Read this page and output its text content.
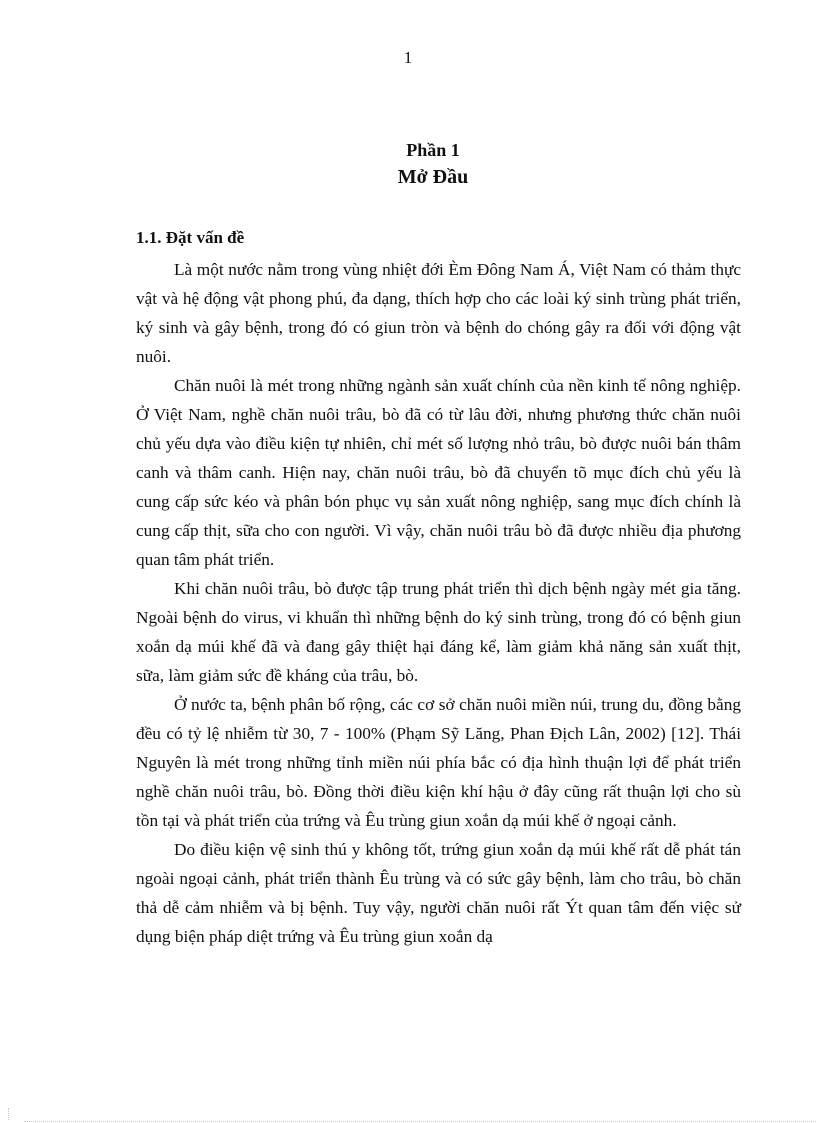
1
Phần 1
Mở Đầu
1.1. Đặt vấn đề

Là một nước nằm trong vùng nhiệt đới Èm Đông Nam Á, Việt Nam có thảm thực vật và hệ động vật phong phú, đa dạng, thích hợp cho các loài ký sinh trùng phát triển, ký sinh và gây bệnh, trong đó có giun tròn và bệnh do chóng gây ra đối với động vật nuôi.

Chăn nuôi là mét trong những ngành sản xuất chính của nền kinh tế nông nghiệp. Ở Việt Nam, nghề chăn nuôi trâu, bò đã có từ lâu đời, nhưng phương thức chăn nuôi chủ yếu dựa vào điều kiện tự nhiên, chỉ mét số lượng nhỏ trâu, bò được nuôi bán thâm canh và thâm canh. Hiện nay, chăn nuôi trâu, bò đã chuyển tõ mục đích chủ yếu là cung cấp sức kéo và phân bón phục vụ sản xuất nông nghiệp, sang mục đích chính là cung cấp thịt, sữa cho con người. Vì vậy, chăn nuôi trâu bò đã được nhiều địa phương quan tâm phát triển.

Khi chăn nuôi trâu, bò được tập trung phát triển thì dịch bệnh ngày mét gia tăng. Ngoài bệnh do virus, vi khuẩn thì những bệnh do ký sinh trùng, trong đó có bệnh giun xoắn dạ múi khế đã và đang gây thiệt hại đáng kể, làm giảm khả năng sản xuất thịt, sữa, làm giảm sức đề kháng của trâu, bò.

Ở nước ta, bệnh phân bố rộng, các cơ sở chăn nuôi miền núi, trung du, đồng bằng đều có tỷ lệ nhiễm từ 30, 7 - 100% (Phạm Sỹ Lăng, Phan Địch Lân, 2002) [12]. Thái Nguyên là mét trong những tỉnh miền núi phía bắc có địa hình thuận lợi để phát triển nghề chăn nuôi trâu, bò. Đồng thời điều kiện khí hậu ở đây cũng rất thuận lợi cho sù tồn tại và phát triển của trứng và Êu trùng giun xoắn dạ múi khế ở ngoại cảnh.

Do điều kiện vệ sinh thú y không tốt, trứng giun xoắn dạ múi khế rất dễ phát tán ngoài ngoại cảnh, phát triển thành Êu trùng và có sức gây bệnh, làm cho trâu, bò chăn thả dễ cảm nhiễm và bị bệnh. Tuy vậy, người chăn nuôi rất Ýt quan tâm đến việc sử dụng biện pháp diệt trứng và Êu trùng giun xoắn dạ
